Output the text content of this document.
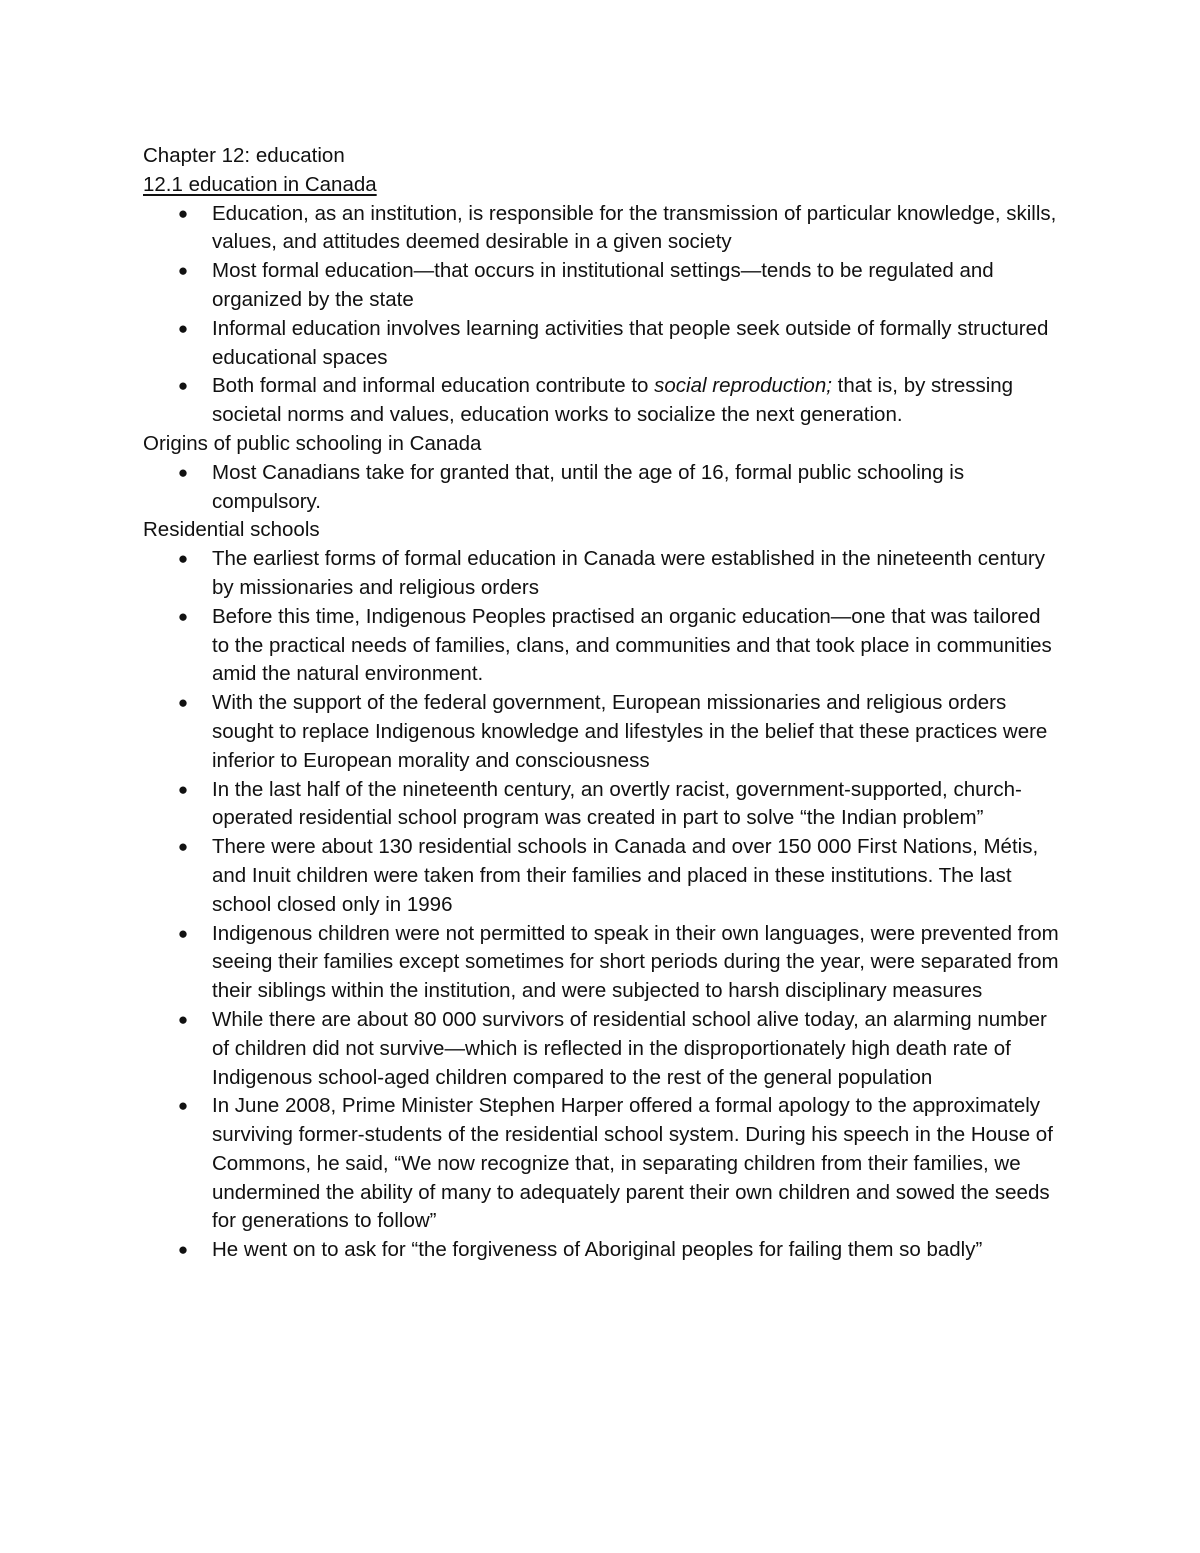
Chapter 12: education

12.1 education in Canada

●
Education, as an institution, is responsible for the transmission of particular knowledge, skills, values, and attitudes deemed desirable in a given society
●
Most formal education—that occurs in institutional settings—tends to be regulated and organized by the state
●
Informal education involves learning activities that people seek outside of formally structured educational spaces
●
Both formal and informal education contribute to social reproduction; that is, by stressing societal norms and values, education works to socialize the next generation.

Origins of public schooling in Canada

●
Most Canadians take for granted that, until the age of 16, formal public schooling is compulsory.

Residential schools

●
The earliest forms of formal education in Canada were established in the nineteenth century by missionaries and religious orders
●
Before this time, Indigenous Peoples practised an organic education—one that was tailored to the practical needs of families, clans, and communities and that took place in communities amid the natural environment.
●
With the support of the federal government, European missionaries and religious orders sought to replace Indigenous knowledge and lifestyles in the belief that these practices were inferior to European morality and consciousness
●
In the last half of the nineteenth century, an overtly racist, government-supported, church-operated residential school program was created in part to solve “the Indian problem”
●
There were about 130 residential schools in Canada and over 150 000 First Nations, Métis, and Inuit children were taken from their families and placed in these institutions. The last school closed only in 1996
●
Indigenous children were not permitted to speak in their own languages, were prevented from seeing their families except sometimes for short periods during the year, were separated from their siblings within the institution, and were subjected to harsh disciplinary measures
●
While there are about 80 000 survivors of residential school alive today, an alarming number of children did not survive—which is reflected in the disproportionately high death rate of Indigenous school-aged children compared to the rest of the general population
●
In June 2008, Prime Minister Stephen Harper offered a formal apology to the approximately surviving former-students of the residential school system. During his speech in the House of Commons, he said, “We now recognize that, in separating children from their families, we undermined the ability of many to adequately parent their own children and sowed the seeds for generations to follow”
●
He went on to ask for “the forgiveness of Aboriginal peoples for failing them so badly”
